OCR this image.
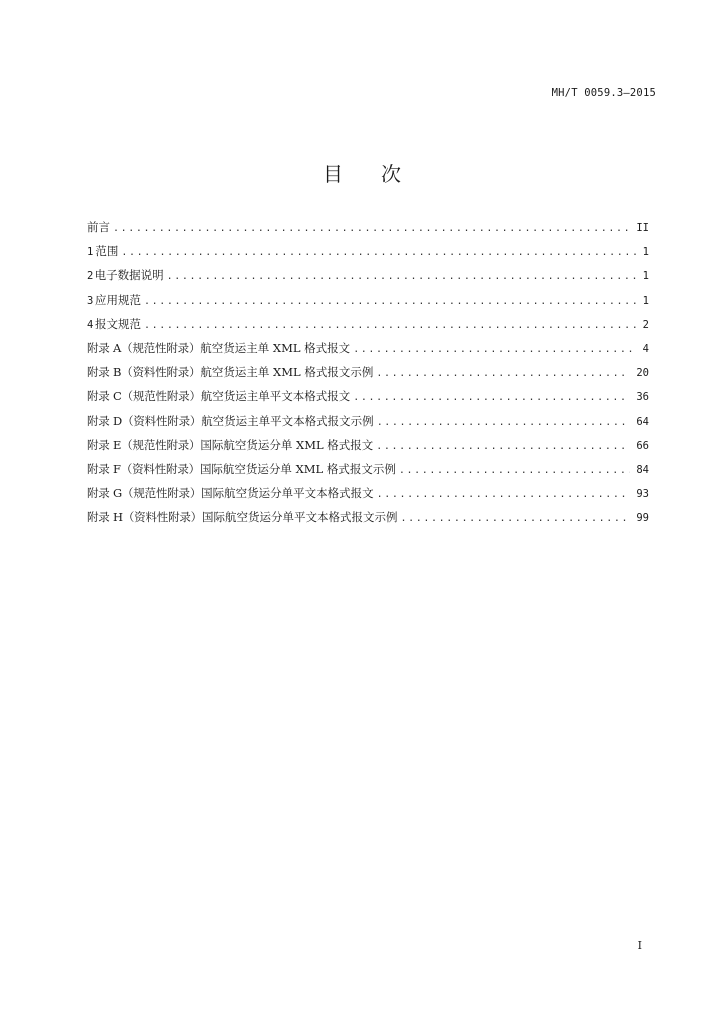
MH/T 0059.3—2015
目 次
前言 .....	II
1 范围 .....	1
2 电子数据说明 .....	1
3 应用规范 .....	1
4 报文规范 .....	2
附录 A（规范性附录） 航空货运主单 XML 格式报文 .....	4
附录 B（资料性附录） 航空货运主单 XML 格式报文示例 .....	20
附录 C（规范性附录） 航空货运主单平文本格式报文 .....	36
附录 D（资料性附录） 航空货运主单平文本格式报文示例 .....	64
附录 E（规范性附录） 国际航空货运分单 XML 格式报文 .....	66
附录 F（资料性附录） 国际航空货运分单 XML 格式报文示例 .....	84
附录 G（规范性附录） 国际航空货运分单平文本格式报文 .....	93
附录 H（资料性附录） 国际航空货运分单平文本格式报文示例 .....	99
I
